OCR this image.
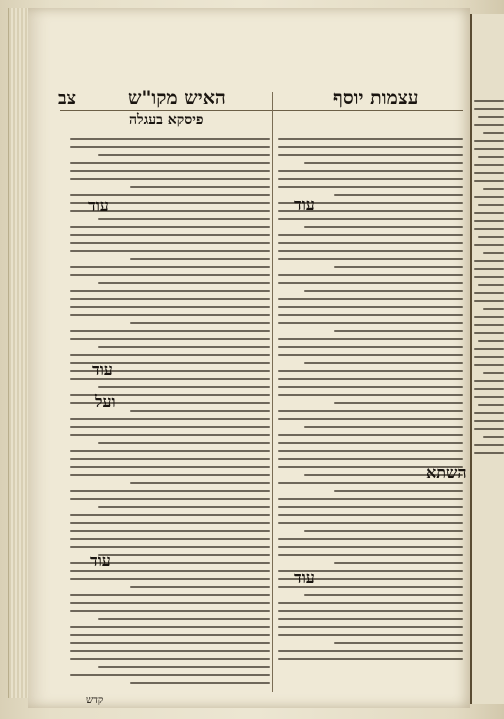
צב	האיש מקו"ש	עצמות יוסף
פיסקא בעגלה
עוד
עוד
ועל
עוד
עוד
השתא
עוד
קדש
